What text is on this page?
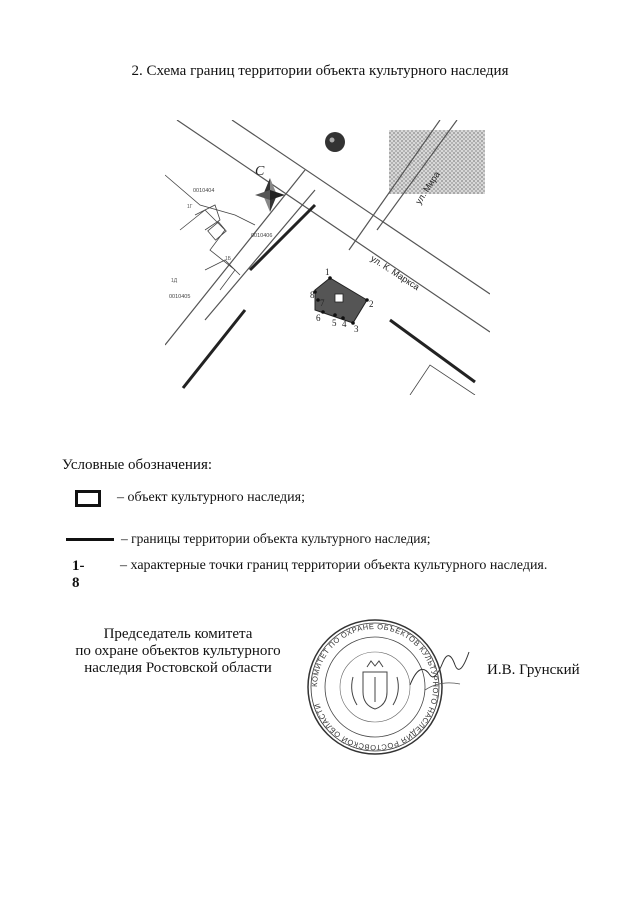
2. Схема границ территории объекта культурного наследия
С	ул. Мира
ул. К. Маркса
0010404
0010406
0010405
1Г
1Б
1Д
1
2
3
4
5
6
7
8
Условные обозначения:
– объект культурного наследия;
– границы территории объекта культурного наследия;
1- 8
– характерные точки границ территории объекта культурного наследия.
Председатель комитета
по охране объектов культурного
наследия Ростовской области
КОМИТЕТ ПО ОХРАНЕ ОБЪЕКТОВ КУЛЬТУРНОГО НАСЛЕДИЯ РОСТОВСКОЙ ОБЛАСТИ
И.В. Грунский
